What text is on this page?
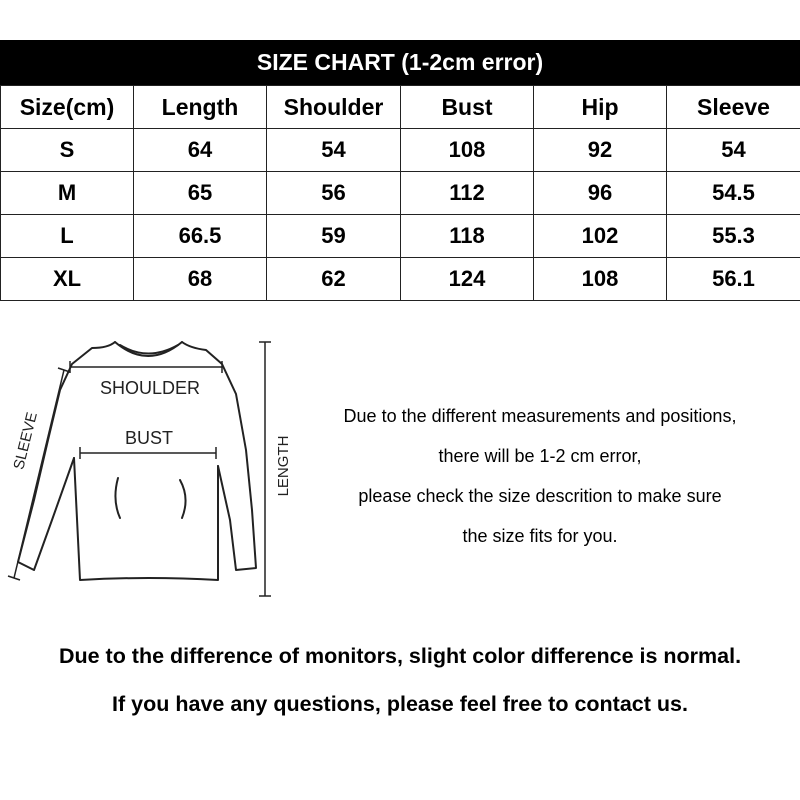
SIZE CHART (1-2cm error)
Size(cm)	Length	Shoulder	Bust	Hip	Sleeve
S	64	54	108	92	54
M	65	56	112	96	54.5
L	66.5	59	118	102	55.3
XL	68	62	124	108	56.1
SHOULDER
BUST
SLEEVE	LENGTH
Due to the different measurements and positions,
there will be 1-2 cm error,
please check the size descrition to make sure
the size fits for you.
Due to the difference of monitors, slight color difference is normal.
If you have any questions, please feel free to contact us.
